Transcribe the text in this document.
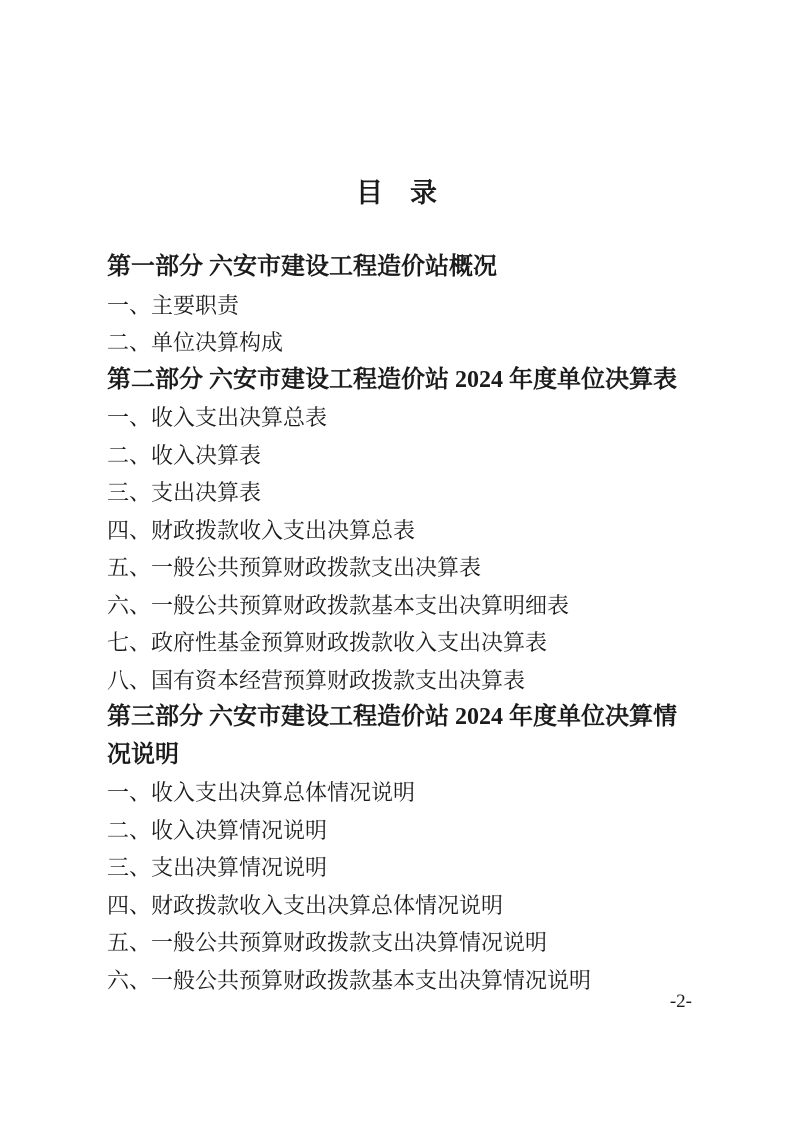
目　录
第一部分 六安市建设工程造价站概况
一、主要职责
二、单位决算构成
第二部分 六安市建设工程造价站 2024 年度单位决算表
一、收入支出决算总表
二、收入决算表
三、支出决算表
四、财政拨款收入支出决算总表
五、一般公共预算财政拨款支出决算表
六、一般公共预算财政拨款基本支出决算明细表
七、政府性基金预算财政拨款收入支出决算表
八、国有资本经营预算财政拨款支出决算表
第三部分 六安市建设工程造价站 2024 年度单位决算情况说明
一、收入支出决算总体情况说明
二、收入决算情况说明
三、支出决算情况说明
四、财政拨款收入支出决算总体情况说明
五、一般公共预算财政拨款支出决算情况说明
六、一般公共预算财政拨款基本支出决算情况说明
-2-
